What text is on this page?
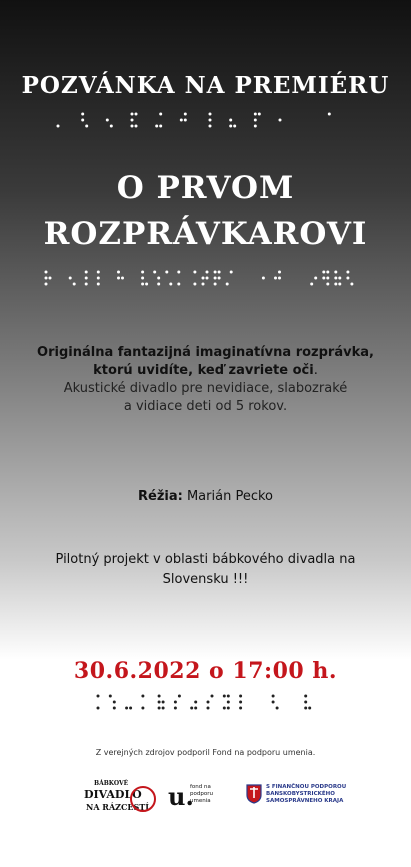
POZVÁNKA NA PREMIÉRU
O PRVOM
ROZPRÁVKAROVI
Originálna fantazijná imaginatívna rozprávka,
ktorú uvidíte, keď zavriete oči.
Akustické divadlo pre nevidiace, slabozraké
a vidiace deti od 5 rokov.
Réžia: Marián Pecko
Pilotný projekt v oblasti bábkového divadla na
Slovensku !!!
30.6.2022 o 17:00 h.
Z verejných zdrojov podporil Fond na podporu umenia.
BÁBKOVÉ
DIVADLO
NA RÁZCESTÍ u.
fond na podporu umenia
S FINANČNOU PODPOROU BANSKOBYSTRICKÉHO SAMOSPRÁVNEHO KRAJA
